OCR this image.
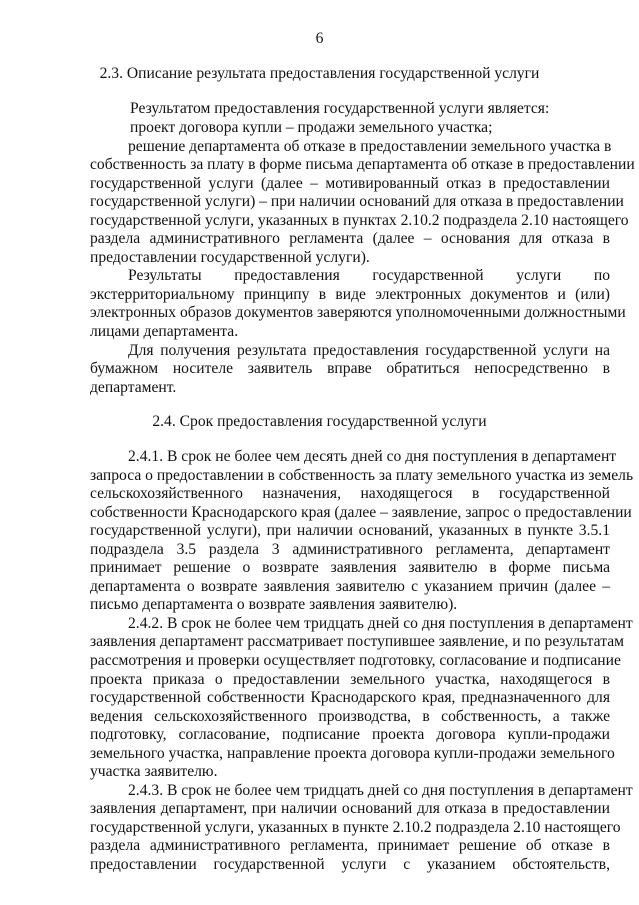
6
2.3. Описание результата предоставления государственной услуги
Результатом предоставления государственной услуги является:
проект договора купли – продажи земельного участка;
решение департамента об отказе в предоставлении земельного участка в
собственность за плату в форме письма департамента об отказе в предоставлении
государственной услуги (далее – мотивированный отказ в предоставлении
государственной услуги) – при наличии оснований для отказа в предоставлении
государственной услуги, указанных в пунктах 2.10.2 подраздела 2.10 настоящего
раздела административного регламента (далее – основания для отказа в
предоставлении государственной услуги).
Результаты предоставления государственной услуги по
экстерриториальному принципу в виде электронных документов и (или)
электронных образов документов заверяются уполномоченными должностными
лицами департамента.
Для получения результата предоставления государственной услуги на
бумажном носителе заявитель вправе обратиться непосредственно в
департамент.
2.4. Срок предоставления государственной услуги
2.4.1. В срок не более чем десять дней со дня поступления в департамент
запроса о предоставлении в собственность за плату земельного участка из земель
сельскохозяйственного назначения, находящегося в государственной
собственности Краснодарского края (далее – заявление, запрос о предоставлении
государственной услуги), при наличии оснований, указанных в пункте 3.5.1
подраздела 3.5 раздела 3 административного регламента, департамент
принимает решение о возврате заявления заявителю в форме письма
департамента о возврате заявления заявителю с указанием причин (далее –
письмо департамента о возврате заявления заявителю).
2.4.2. В срок не более чем тридцать дней со дня поступления в департамент
заявления департамент рассматривает поступившее заявление, и по результатам
рассмотрения и проверки осуществляет подготовку, согласование и подписание
проекта приказа о предоставлении земельного участка, находящегося в
государственной собственности Краснодарского края, предназначенного для
ведения сельскохозяйственного производства, в собственность, а также
подготовку, согласование, подписание проекта договора купли-продажи
земельного участка, направление проекта договора купли-продажи земельного
участка заявителю.
2.4.3. В срок не более чем тридцать дней со дня поступления в департамент
заявления департамент, при наличии оснований для отказа в предоставлении
государственной услуги, указанных в пункте 2.10.2 подраздела 2.10 настоящего
раздела административного регламента, принимает решение об отказе в
предоставлении государственной услуги с указанием обстоятельств,
